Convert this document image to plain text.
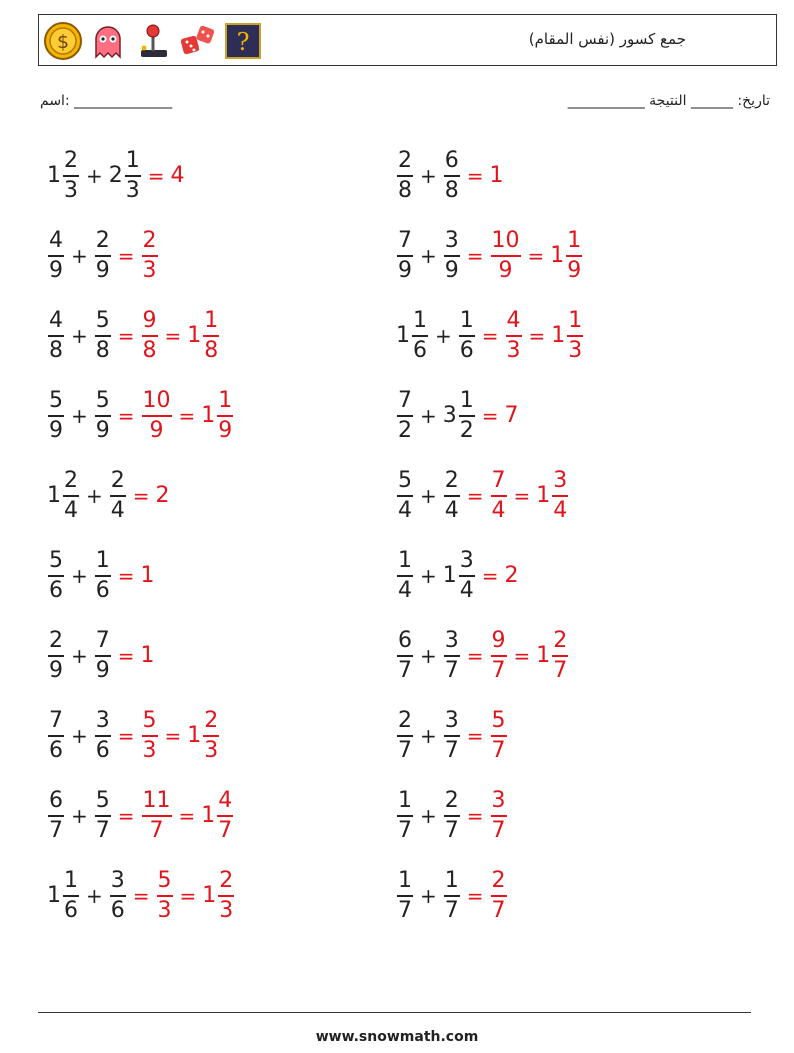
$	?	جمع كسور (نفس المقام)
اسم: ______________	تاريخ: ______ النتيجة ___________
$1 \frac{2}{3} + 2 \frac{1}{3} = 4$
$\frac{4}{9} + \frac{2}{9} = \frac{2}{3}$
$\frac{4}{8} + \frac{5}{8} = \frac{9}{8} = 1 \frac{1}{8}$
$\frac{5}{9} + \frac{5}{9} = \frac{10}{9} = 1 \frac{1}{9}$
$1 \frac{2}{4} + \frac{2}{4} = 2$
$\frac{5}{6} + \frac{1}{6} = 1$
$\frac{2}{9} + \frac{7}{9} = 1$
$\frac{7}{6} + \frac{3}{6} = \frac{5}{3} = 1 \frac{2}{3}$
$\frac{6}{7} + \frac{5}{7} = \frac{11}{7} = 1 \frac{4}{7}$
$1 \frac{1}{6} + \frac{3}{6} = \frac{5}{3} = 1 \frac{2}{3}$
$\frac{2}{8} + \frac{6}{8} = 1$
$\frac{7}{9} + \frac{3}{9} = \frac{10}{9} = 1 \frac{1}{9}$
$1 \frac{1}{6} + \frac{1}{6} = \frac{4}{3} = 1 \frac{1}{3}$
$\frac{7}{2} + 3 \frac{1}{2} = 7$
$\frac{5}{4} + \frac{2}{4} = \frac{7}{4} = 1 \frac{3}{4}$
$\frac{1}{4} + 1 \frac{3}{4} = 2$
$\frac{6}{7} + \frac{3}{7} = \frac{9}{7} = 1 \frac{2}{7}$
$\frac{2}{7} + \frac{3}{7} = \frac{5}{7}$
$\frac{1}{7} + \frac{2}{7} = \frac{3}{7}$
$\frac{1}{7} + \frac{1}{7} = \frac{2}{7}$
www.snowmath.com
